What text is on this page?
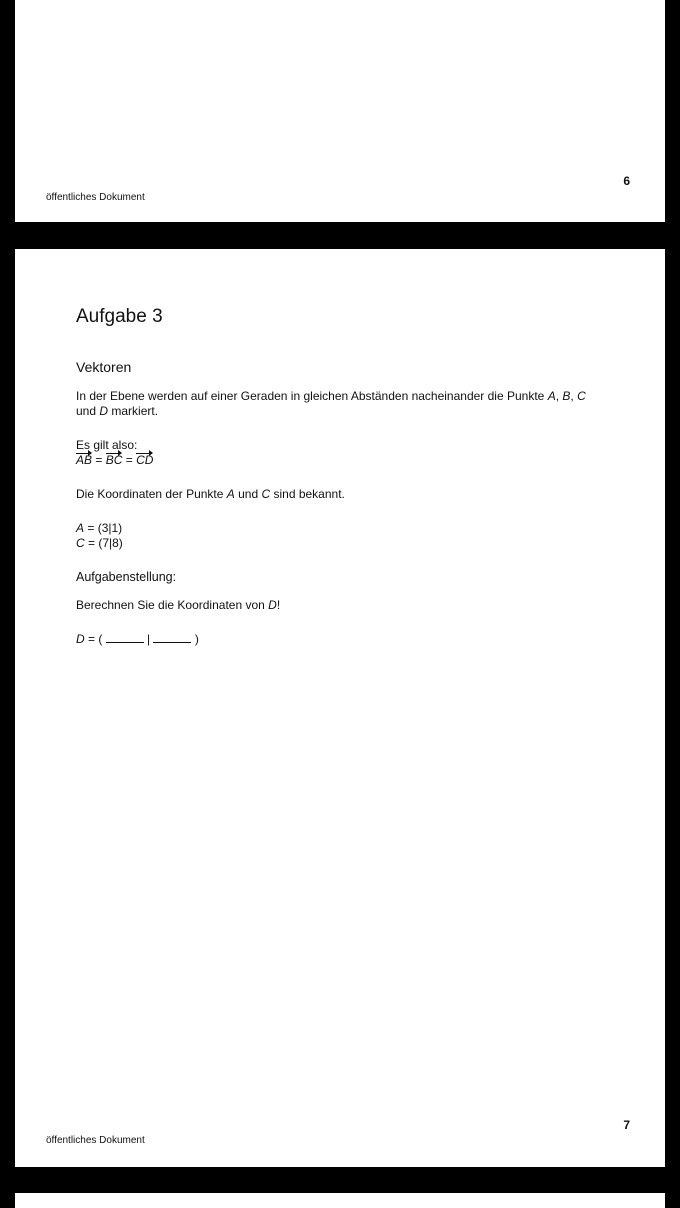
6
öffentliches Dokument
Aufgabe 3
Vektoren

In der Ebene werden auf einer Geraden in gleichen Abständen nacheinander die Punkte A, B, C
und D markiert.

Es gilt also:

AB = BC = CD

Die Koordinaten der Punkte A und C sind bekannt.

A = (3|1)

C = (7|8)

Aufgabenstellung:

Berechnen Sie die Koordinaten von D!

D = (	|	)

7
öffentliches Dokument
